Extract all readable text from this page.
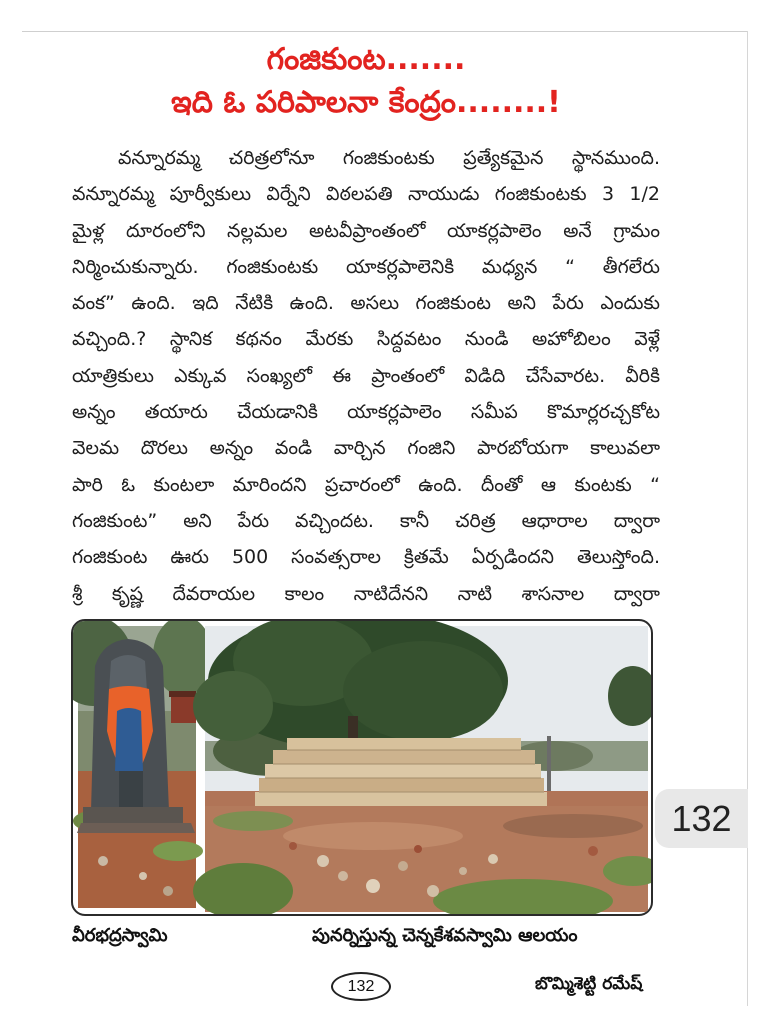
గంజికుంట.......
ఇది ఓ పరిపాలనా కేంద్రం........!
వన్నూరమ్మ చరిత్రలోనూ గంజికుంటకు ప్రత్యేకమైన స్థానముంది.
వన్నూరమ్మ పూర్వీకులు విర్నేని విఠలపతి నాయుడు గంజికుంటకు 3 1/2
మైళ్ల దూరంలోని నల్లమల అటవీప్రాంతంలో యాకర్లపాలెం అనే గ్రామం
నిర్మించుకున్నారు. గంజికుంటకు యాకర్లపాలెనికి మధ్యన “ తీగలేరు
వంక” ఉంది. ఇది నేటికి ఉంది. అసలు గంజికుంట అని పేరు ఎందుకు
వచ్చింది.? స్థానిక కథనం మేరకు సిద్దవటం నుండి అహోబిలం వెళ్లే
యాత్రికులు ఎక్కువ సంఖ్యలో ఈ ప్రాంతంలో విడిది చేసేవారట. వీరికి
అన్నం తయారు చేయడానికి యాకర్లపాలెం సమీప కొమార్లరచ్చకోట
వెలమ దొరలు అన్నం వండి వార్చిన గంజిని పారబోయగా కాలువలా
పారి ఓ కుంటలా మారిందని ప్రచారంలో ఉంది. దీంతో ఆ కుంటకు “
గంజికుంట” అని పేరు వచ్చిందట. కానీ చరిత్ర ఆధారాల ద్వారా
గంజికుంట ఊరు 500 సంవత్సరాల క్రితమే ఏర్పడిందని తెలుస్తోంది.
శ్రీ కృష్ణ దేవరాయల కాలం నాటిదేనని నాటి శాసనాల ద్వారా
132
వీరభద్రస్వామి	పునర్నిస్తున్న చెన్నకేశవస్వామి ఆలయం
132	బొమ్మిశెట్టి రమేష్
